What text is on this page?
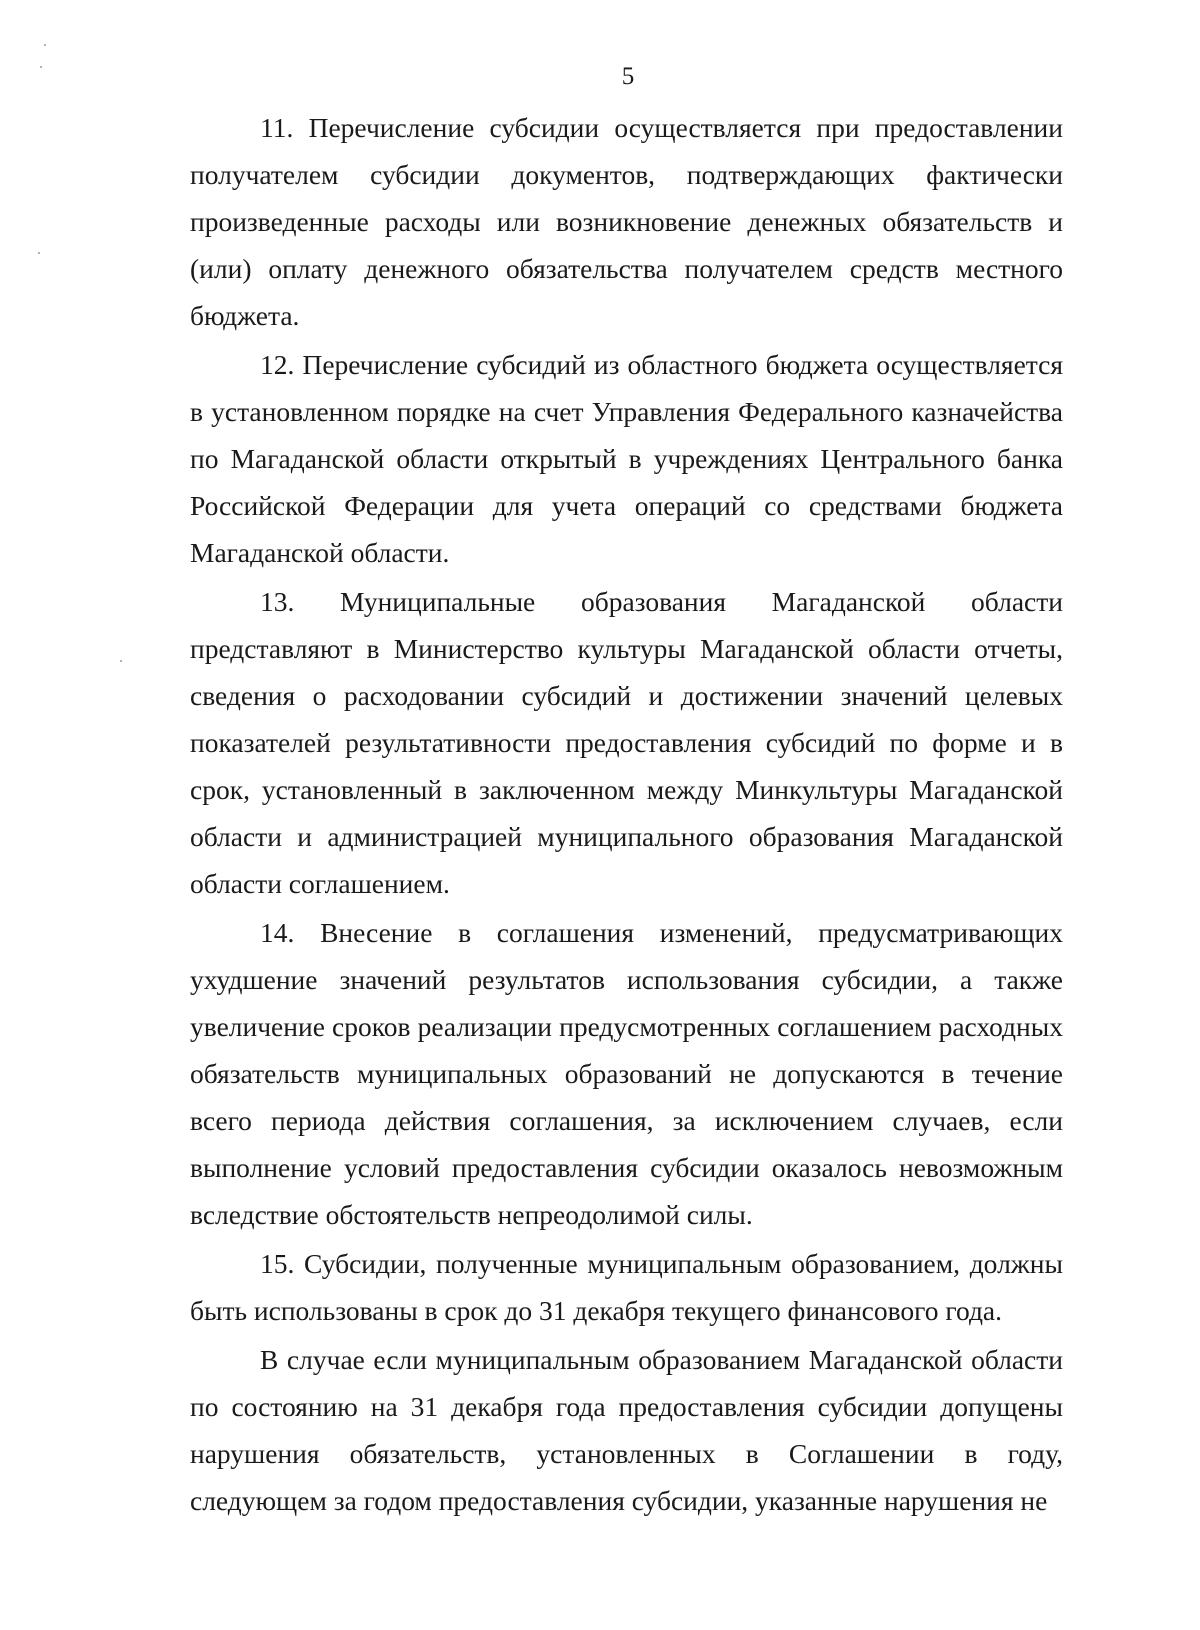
5

11. Перечисление субсидии осуществляется при предоставлении получателем субсидии документов, подтверждающих фактически произведенные расходы или возникновение денежных обязательств и (или) оплату денежного обязательства получателем средств местного бюджета.

12. Перечисление субсидий из областного бюджета осуществляется в установленном порядке на счет Управления Федерального казначейства по Магаданской области открытый в учреждениях Центрального банка Российской Федерации для учета операций со средствами бюджета Магаданской области.

13. Муниципальные образования Магаданской области представляют в Министерство культуры Магаданской области отчеты, сведения о расходовании субсидий и достижении значений целевых показателей результативности предоставления субсидий по форме и в срок, установленный в заключенном между Минкультуры Магаданской области и администрацией муниципального образования Магаданской области соглашением.

14. Внесение в соглашения изменений, предусматривающих ухудшение значений результатов использования субсидии, а также увеличение сроков реализации предусмотренных соглашением расходных обязательств муниципальных образований не допускаются в течение всего периода действия соглашения, за исключением случаев, если выполнение условий предоставления субсидии оказалось невозможным вследствие обстоятельств непреодолимой силы.

15. Субсидии, полученные муниципальным образованием, должны быть использованы в срок до 31 декабря текущего финансового года.

В случае если муниципальным образованием Магаданской области по состоянию на 31 декабря года предоставления субсидии допущены нарушения обязательств, установленных в Соглашении в году, следующем за годом предоставления субсидии, указанные нарушения не
